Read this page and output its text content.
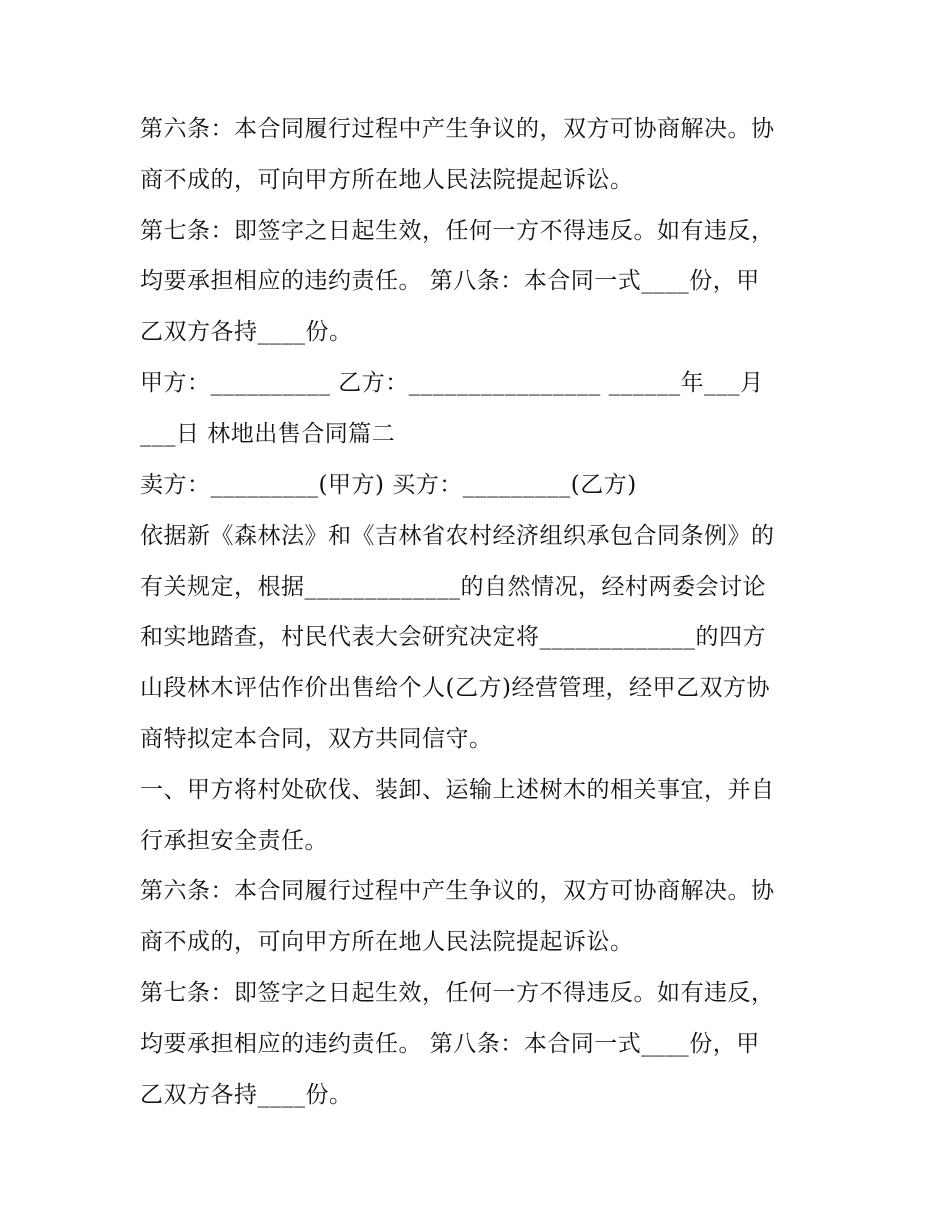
第六条：本合同履行过程中产生争议的，双方可协商解决。协
商不成的，可向甲方所在地人民法院提起诉讼。
第七条：即签字之日起生效，任何一方不得违反。如有违反，
均要承担相应的违约责任。 第八条：本合同一式____份，甲
乙双方各持____份。
甲方：__________ 乙方：________________ ______年___月
___日 林地出售合同篇二
卖方：_________(甲方) 买方：_________(乙方)
依据新《森林法》和《吉林省农村经济组织承包合同条例》的
有关规定，根据_____________的自然情况，经村两委会讨论
和实地踏查，村民代表大会研究决定将_____________的四方
山段林木评估作价出售给个人(乙方)经营管理，经甲乙双方协
商特拟定本合同，双方共同信守。
一、甲方将村处砍伐、装卸、运输上述树木的相关事宜，并自
行承担安全责任。
第六条：本合同履行过程中产生争议的，双方可协商解决。协
商不成的，可向甲方所在地人民法院提起诉讼。
第七条：即签字之日起生效，任何一方不得违反。如有违反，
均要承担相应的违约责任。 第八条：本合同一式____份，甲
乙双方各持____份。
